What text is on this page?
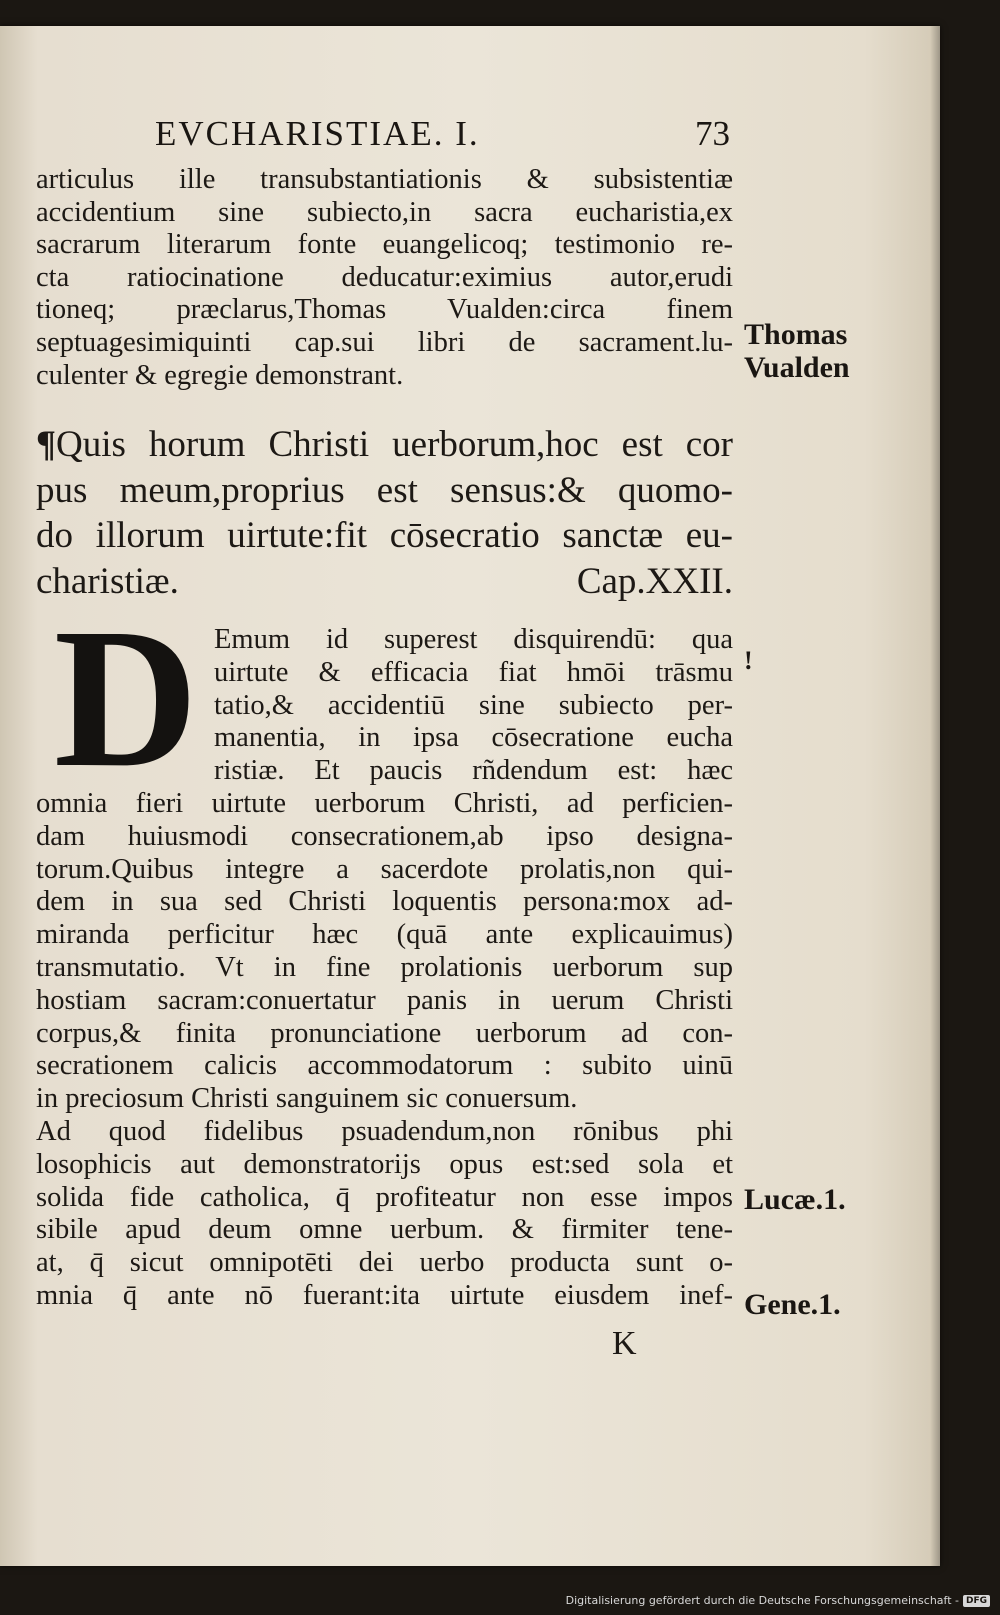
EVCHARISTIAE. I.	73
articulus ille transubstantiationis & subsistentiæ
accidentium sine subiecto,in sacra eucharistia,ex
sacrarum literarum fonte euangelicoq; testimonio re-
cta ratiocinatione deducatur:eximius autor,erudi
tioneq; præclarus,Thomas Vualden:circa finem
septuagesimiquinti cap.sui libri de sacrament.lu-
culenter & egregie demonstrant.
¶Quis horum Christi uerborum,hoc est cor
pus meum,proprius est sensus:& quomo-
do illorum uirtute:fit cōsecratio sanctæ eu-
charistiæ.	Cap.XXII.
D Emum id superest disquirendū: qua
uirtute & efficacia fiat hmōi trāsmu
tatio,& accidentiū sine subiecto per-
manentia, in ipsa cōsecratione eucha
ristiæ. Et paucis rñdendum est: hæc
omnia fieri uirtute uerborum Christi, ad perficien-
dam huiusmodi consecrationem,ab ipso designa-
torum.Quibus integre a sacerdote prolatis,non qui-
dem in sua sed Christi loquentis persona:mox ad-
miranda perficitur hæc (quā ante explicauimus)
transmutatio. Vt in fine prolationis uerborum sup
hostiam sacram:conuertatur panis in uerum Christi
corpus,& finita pronunciatione uerborum ad con-
secrationem calicis accommodatorum : subito uinū
in preciosum Christi sanguinem sic conuersum.
Ad quod fidelibus psuadendum,non rōnibus phi
losophicis aut demonstratorijs opus est:sed sola et
solida fide catholica, q̄ profiteatur non esse impos
sibile apud deum omne uerbum. & firmiter tene-
at, q̄ sicut omnipotēti dei uerbo producta sunt o-
mnia q̄ ante nō fuerant:ita uirtute eiusdem inef-
K
Thomas
Vualden
!
Lucæ.1.
Gene.1.
Digitalisierung gefördert durch die Deutsche Forschungsgemeinschaft - DFG
